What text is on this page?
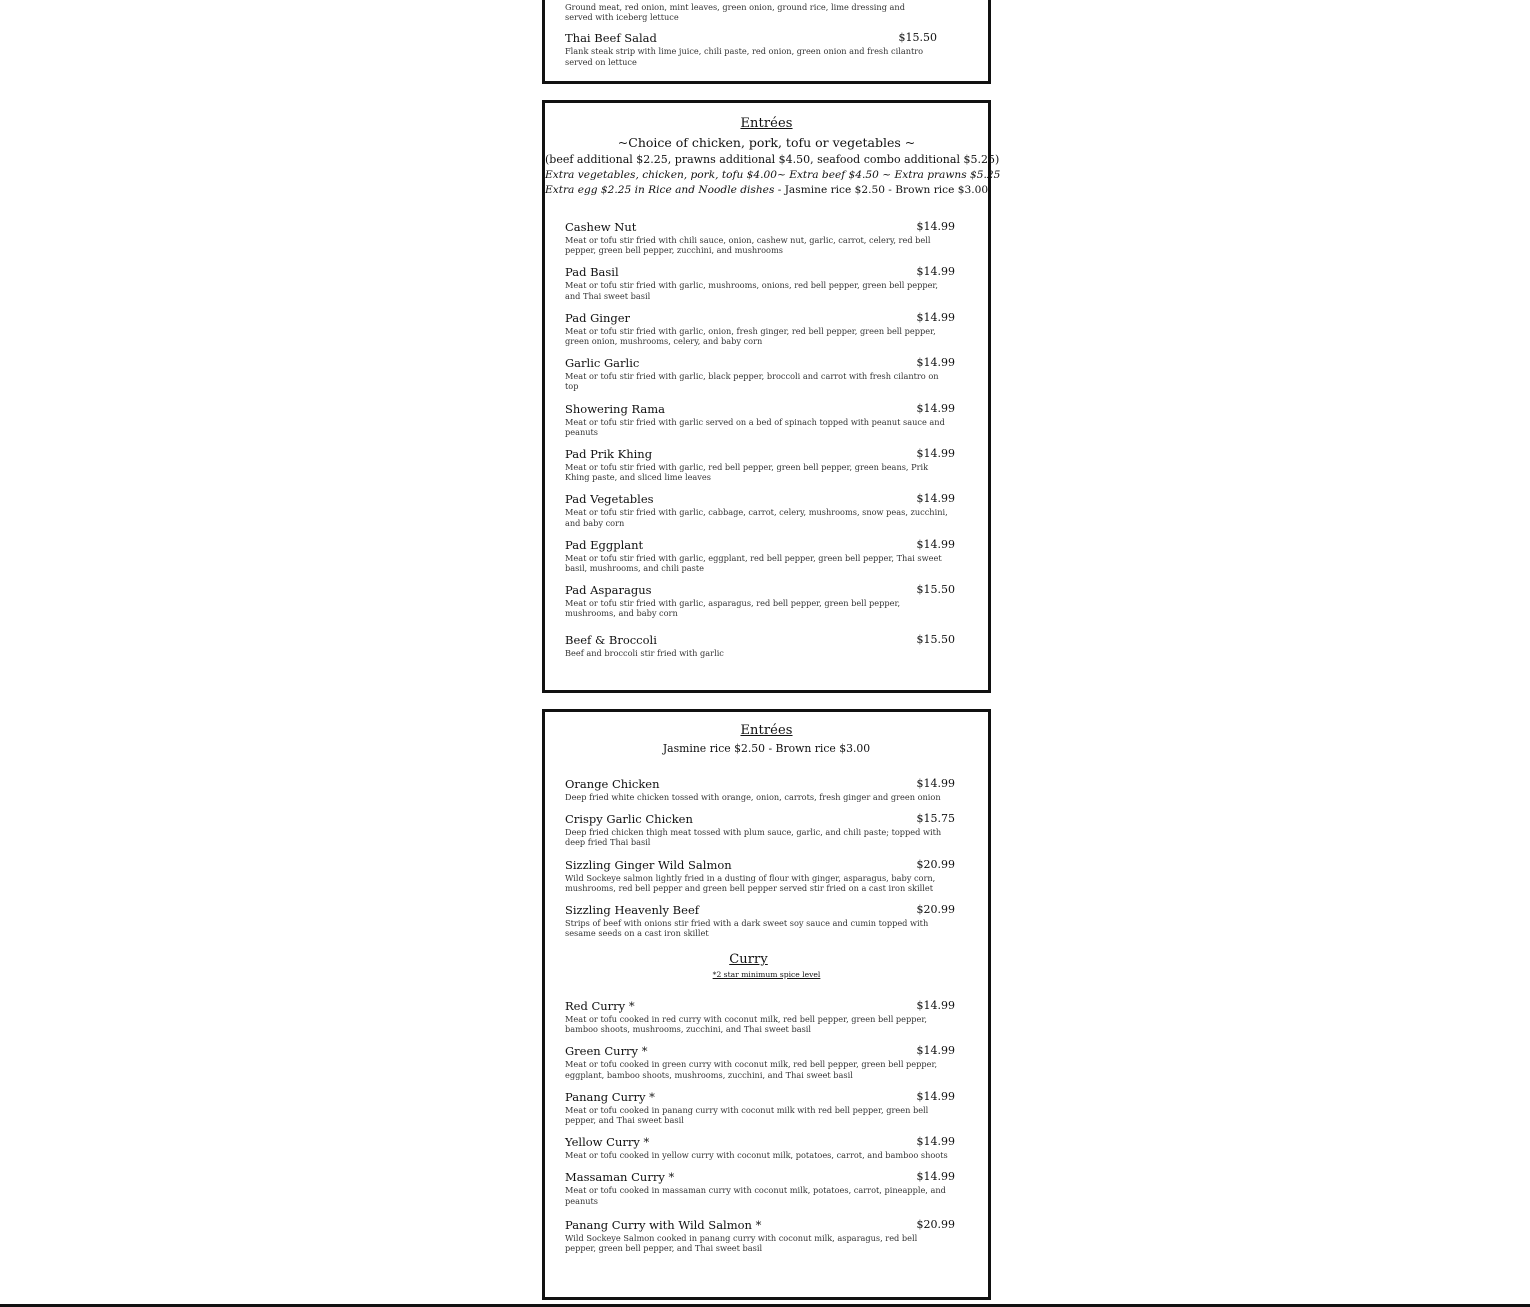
Ground meat, red onion, mint leaves, green onion, ground rice, lime dressing and served with iceberg lettuce
Thai Beef Salad	$15.50
Flank steak strip with lime juice, chili paste, red onion, green onion and fresh cilantro served on lettuce

Entrées

~Choice of chicken, pork, tofu or vegetables ~

(beef additional $2.25, prawns additional $4.50, seafood combo additional $5.25)

Extra vegetables, chicken, pork, tofu $4.00~ Extra beef $4.50 ~ Extra prawns $5.25

Extra egg $2.25 in Rice and Noodle dishes - Jasmine rice $2.50 - Brown rice $3.00

Cashew Nut	$14.99
Meat or tofu stir fried with chili sauce, onion, cashew nut, garlic, carrot, celery, red bell pepper, green bell pepper, zucchini, and mushrooms
Pad Basil	$14.99
Meat or tofu stir fried with garlic, mushrooms, onions, red bell pepper, green bell pepper, and Thai sweet basil
Pad Ginger	$14.99
Meat or tofu stir fried with garlic, onion, fresh ginger, red bell pepper, green bell pepper, green onion, mushrooms, celery, and baby corn
Garlic Garlic	$14.99
Meat or tofu stir fried with garlic, black pepper, broccoli and carrot with fresh cilantro on top
Showering Rama	$14.99
Meat or tofu stir fried with garlic served on a bed of spinach topped with peanut sauce and peanuts
Pad Prik Khing	$14.99
Meat or tofu stir fried with garlic, red bell pepper, green bell pepper, green beans, Prik Khing paste, and sliced lime leaves
Pad Vegetables	$14.99
Meat or tofu stir fried with garlic, cabbage, carrot, celery, mushrooms, snow peas, zucchini, and baby corn
Pad Eggplant	$14.99
Meat or tofu stir fried with garlic, eggplant, red bell pepper, green bell pepper, Thai sweet basil, mushrooms, and chili paste
Pad Asparagus	$15.50
Meat or tofu stir fried with garlic, asparagus, red bell pepper, green bell pepper, mushrooms, and baby corn
Beef & Broccoli	$15.50
Beef and broccoli stir fried with garlic

Entrées

Jasmine rice $2.50 - Brown rice $3.00

Orange Chicken	$14.99
Deep fried white chicken tossed with orange, onion, carrots, fresh ginger and green onion
Crispy Garlic Chicken	$15.75
Deep fried chicken thigh meat tossed with plum sauce, garlic, and chili paste; topped with deep fried Thai basil
Sizzling Ginger Wild Salmon	$20.99
Wild Sockeye salmon lightly fried in a dusting of flour with ginger, asparagus, baby corn, mushrooms, red bell pepper and green bell pepper served stir fried on a cast iron skillet
Sizzling Heavenly Beef	$20.99
Strips of beef with onions stir fried with a dark sweet soy sauce and cumin topped with sesame seeds on a cast iron skillet

Curry

*2 star minimum spice level

Red Curry *	$14.99
Meat or tofu cooked in red curry with coconut milk, red bell pepper, green bell pepper, bamboo shoots, mushrooms, zucchini, and Thai sweet basil
Green Curry *	$14.99
Meat or tofu cooked in green curry with coconut milk, red bell pepper, green bell pepper, eggplant, bamboo shoots, mushrooms, zucchini, and Thai sweet basil
Panang Curry *	$14.99
Meat or tofu cooked in panang curry with coconut milk with red bell pepper, green bell pepper, and Thai sweet basil
Yellow Curry *	$14.99
Meat or tofu cooked in yellow curry with coconut milk, potatoes, carrot, and bamboo shoots
Massaman Curry *	$14.99
Meat or tofu cooked in massaman curry with coconut milk, potatoes, carrot, pineapple, and peanuts
Panang Curry with Wild Salmon *	$20.99
Wild Sockeye Salmon cooked in panang curry with coconut milk, asparagus, red bell pepper, green bell pepper, and Thai sweet basil
